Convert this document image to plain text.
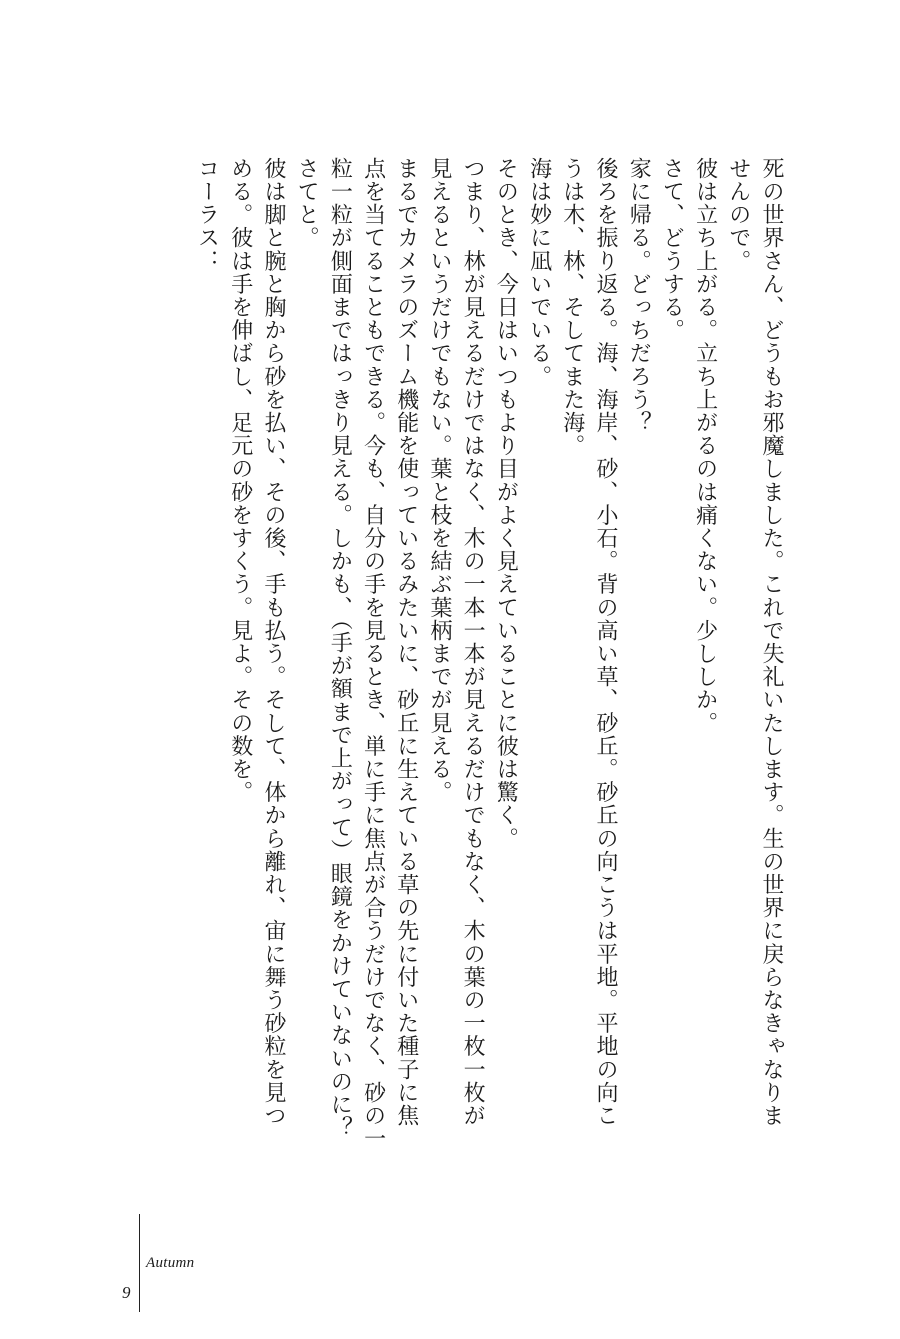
死の世界さん、どうもお邪魔しました。これで失礼いたします。生の世界に戻らなきゃなりま

せんので。

彼は立ち上がる。立ち上がるのは痛くない。少ししか。

さて、どうする。

家に帰る。どっちだろう？

後ろを振り返る。海、海岸、砂、小石。背の高い草、砂丘。砂丘の向こうは平地。平地の向こ

うは木、林、そしてまた海。

海は妙に凪いでいる。

そのとき、今日はいつもより目がよく見えていることに彼は驚く。

つまり、林が見えるだけではなく、木の一本一本が見えるだけでもなく、木の葉の一枚一枚が

見えるというだけでもない。葉と枝を結ぶ葉柄までが見える。

まるでカメラのズーム機能を使っているみたいに、砂丘に生えている草の先に付いた種子に焦

点を当てることもできる。今も、自分の手を見るとき、単に手に焦点が合うだけでなく、砂の一

粒一粒が側面まではっきり見える。しかも、（手が額まで上がって）眼鏡をかけていないのに？

さてと。

彼は脚と腕と胸から砂を払い、その後、手も払う。そして、体から離れ、宙に舞う砂粒を見つ

める。彼は手を伸ばし、足元の砂をすくう。見よ。その数を。

コーラス：

9
Autumn
